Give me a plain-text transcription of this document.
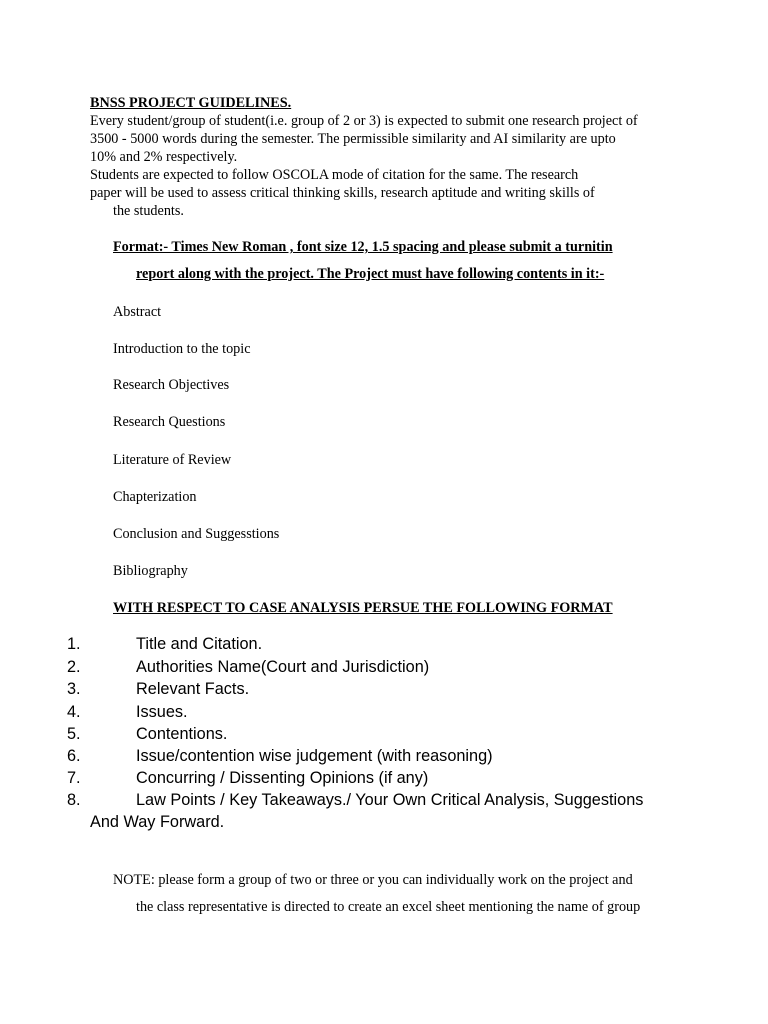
BNSS PROJECT GUIDELINES.
Every student/group of student(i.e. group of 2 or 3) is expected to submit one research project of
3500 - 5000 words during the semester. The permissible similarity and AI similarity are upto
10% and 2% respectively.
Students are expected to follow OSCOLA mode of citation for the same. The research
paper will be used to assess critical thinking skills, research aptitude and writing skills of
the students.
Format:- Times New Roman , font size 12, 1.5 spacing and please submit a turnitin
report along with the project. The Project must have following contents in it:-
Abstract
Introduction to the topic
Research Objectives
Research Questions
Literature of Review
Chapterization
Conclusion and Suggesstions
Bibliography
WITH RESPECT TO CASE ANALYSIS PERSUE THE FOLLOWING FORMAT
1.	Title and Citation.
2.	Authorities Name(Court and Jurisdiction)
3.	Relevant Facts.
4.	Issues.
5.	Contentions.
6.	Issue/contention wise judgement (with reasoning)
7.	Concurring / Dissenting Opinions (if any)
8.	Law Points / Key Takeaways./ Your Own Critical Analysis, Suggestions
And Way Forward.
NOTE: please form a group of two or three or you can individually work on the project and
the class representative is directed to create an excel sheet mentioning the name of group
